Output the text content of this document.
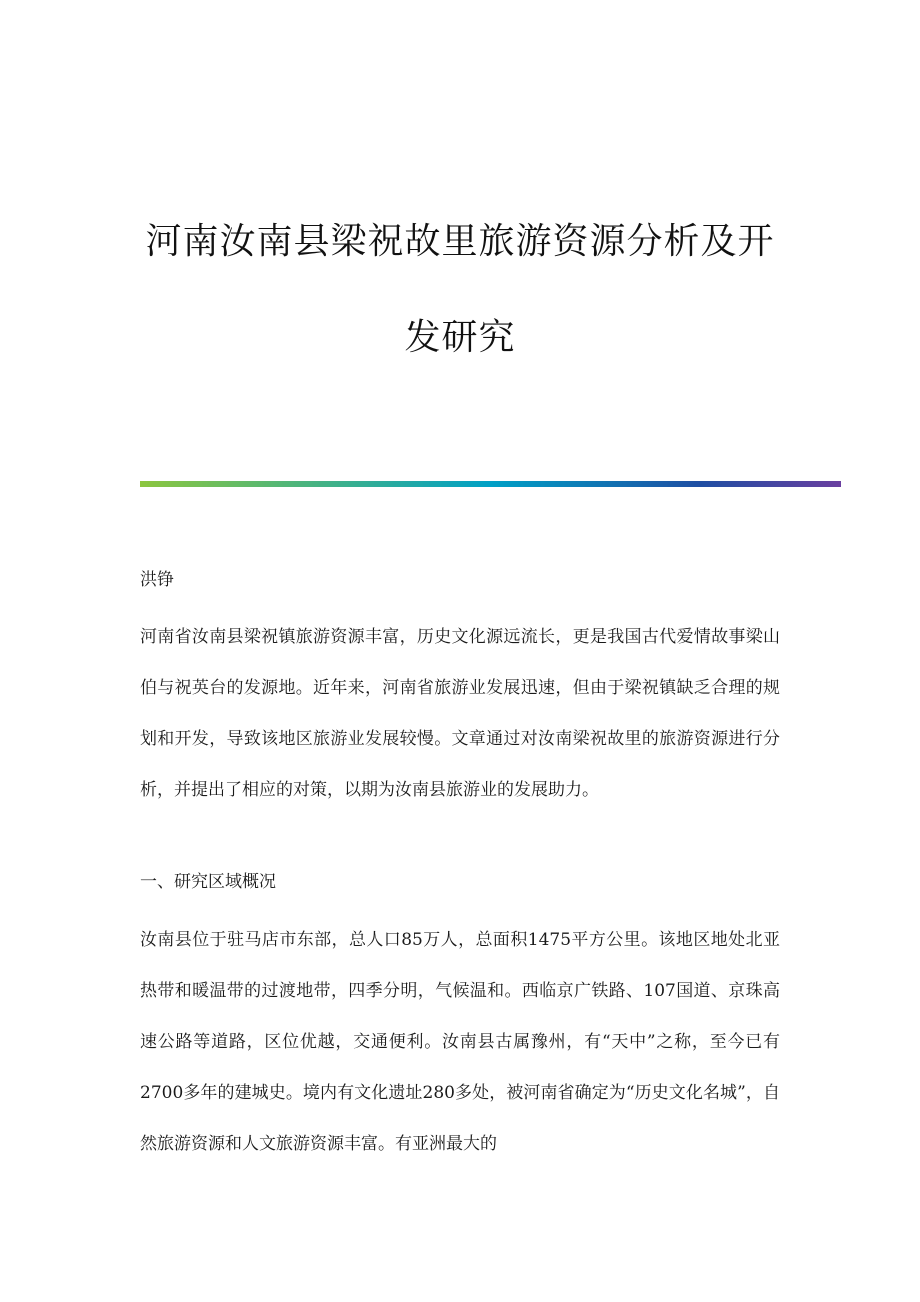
河南汝南县梁祝故里旅游资源分析及开
发研究

洪铮

河南省汝南县梁祝镇旅游资源丰富，历史文化源远流长，更是我国古代爱情故事梁山伯与祝英台的发源地。近年来，河南省旅游业发展迅速，但由于梁祝镇缺乏合理的规划和开发，导致该地区旅游业发展较慢。文章通过对汝南梁祝故里的旅游资源进行分析，并提出了相应的对策，以期为汝南县旅游业的发展助力。

一、研究区域概况

汝南县位于驻马店市东部，总人口85万人，总面积1475平方公里。该地区地处北亚热带和暖温带的过渡地带，四季分明，气候温和。西临京广铁路、107国道、京珠高速公路等道路，区位优越，交通便利。汝南县古属豫州，有“天中”之称，至今已有2700多年的建城史。境内有文化遗址280多处，被河南省确定为“历史文化名城”，自然旅游资源和人文旅游资源丰富。有亚洲最大的
